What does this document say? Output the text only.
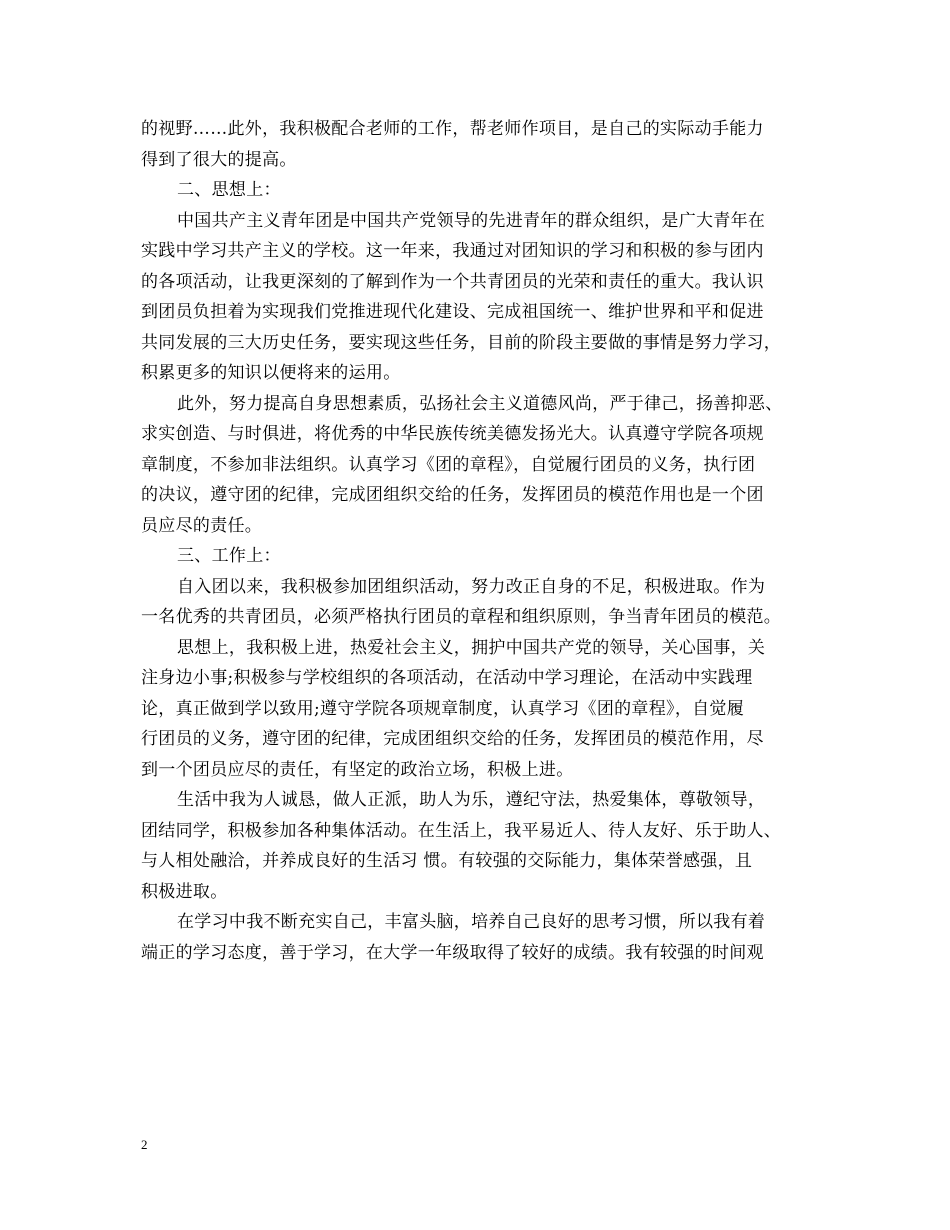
的视野……此外，我积极配合老师的工作，帮老师作项目，是自己的实际动手能力
得到了很大的提高。
二、思想上：
中国共产主义青年团是中国共产党领导的先进青年的群众组织，是广大青年在
实践中学习共产主义的学校。这一年来，我通过对团知识的学习和积极的参与团内
的各项活动，让我更深刻的了解到作为一个共青团员的光荣和责任的重大。我认识
到团员负担着为实现我们党推进现代化建设、完成祖国统一、维护世界和平和促进
共同发展的三大历史任务，要实现这些任务，目前的阶段主要做的事情是努力学习，
积累更多的知识以便将来的运用。
此外，努力提高自身思想素质，弘扬社会主义道德风尚，严于律己，扬善抑恶、
求实创造、与时俱进，将优秀的中华民族传统美德发扬光大。认真遵守学院各项规
章制度，不参加非法组织。认真学习《团的章程》，自觉履行团员的义务，执行团
的决议，遵守团的纪律，完成团组织交给的任务，发挥团员的模范作用也是一个团
员应尽的责任。
三、工作上：
自入团以来，我积极参加团组织活动，努力改正自身的不足，积极进取。作为
一名优秀的共青团员，必须严格执行团员的章程和组织原则，争当青年团员的模范。
思想上，我积极上进，热爱社会主义，拥护中国共产党的领导，关心国事，关
注身边小事;积极参与学校组织的各项活动，在活动中学习理论，在活动中实践理
论，真正做到学以致用;遵守学院各项规章制度，认真学习《团的章程》，自觉履
行团员的义务，遵守团的纪律，完成团组织交给的任务，发挥团员的模范作用，尽
到一个团员应尽的责任，有坚定的政治立场，积极上进。
生活中我为人诚恳，做人正派，助人为乐，遵纪守法，热爱集体，尊敬领导，
团结同学，积极参加各种集体活动。在生活上，我平易近人、待人友好、乐于助人、
与人相处融洽，并养成良好的生活习 惯。有较强的交际能力，集体荣誉感强，且
积极进取。
在学习中我不断充实自己，丰富头脑，培养自己良好的思考习惯，所以我有着
端正的学习态度，善于学习，在大学一年级取得了较好的成绩。我有较强的时间观
2
